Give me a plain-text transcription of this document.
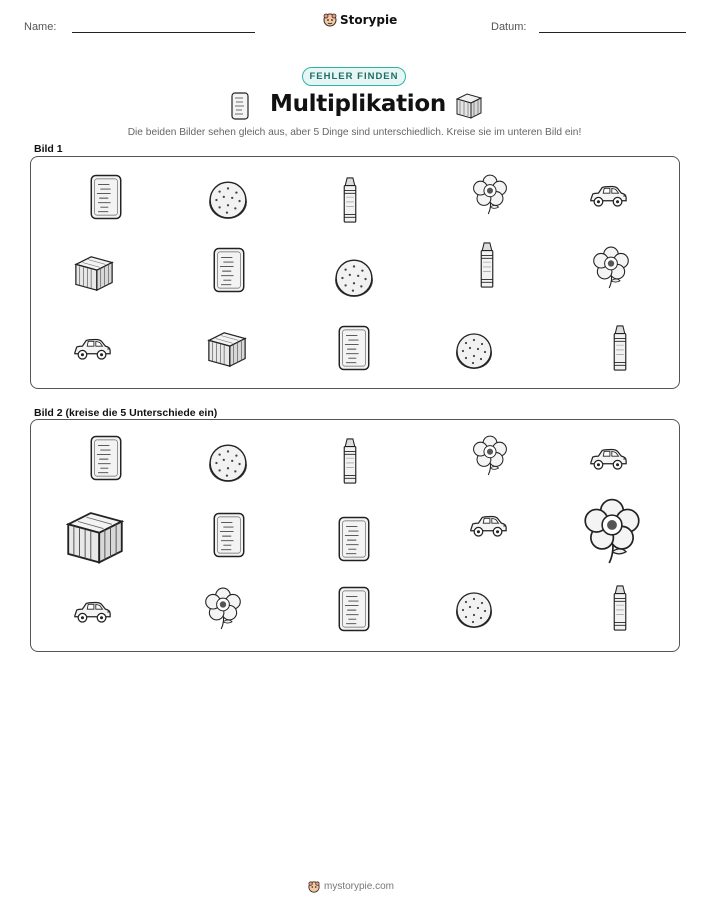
Name:	Storypie	Datum:
FEHLER FINDEN
Multiplikation
Die beiden Bilder sehen gleich aus, aber 5 Dinge sind unterschiedlich. Kreise sie im unteren Bild ein!
Bild 1
Bild 2 (kreise die 5 Unterschiede ein)
mystorypie.com
